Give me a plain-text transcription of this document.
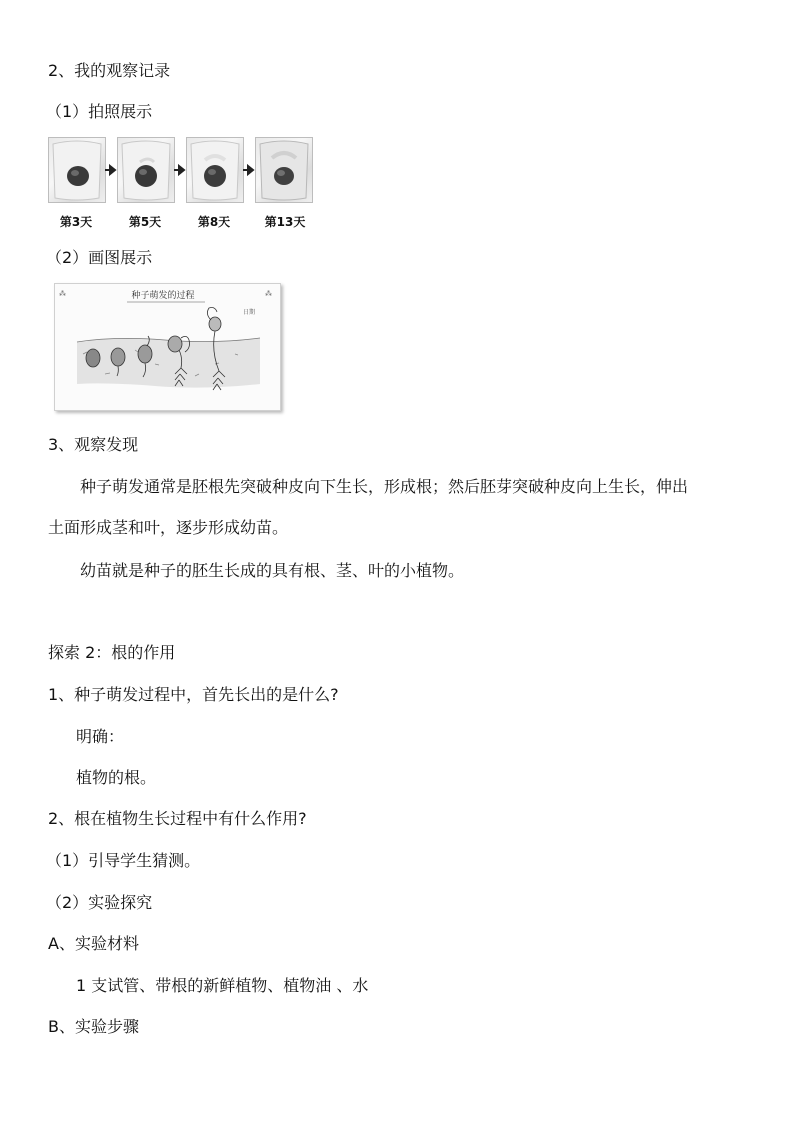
2、我的观察记录
（1）拍照展示
第3天	第5天	第8天	第13天
（2）画图展示
种子萌发的过程
日期
⁂	⁂
3、观察发现
种子萌发通常是胚根先突破种皮向下生长，形成根；然后胚芽突破种皮向上生长，伸出
土面形成茎和叶，逐步形成幼苗。
幼苗就是种子的胚生长成的具有根、茎、叶的小植物。
探索 2：根的作用
1、种子萌发过程中，首先长出的是什么?
明确：
植物的根。
2、根在植物生长过程中有什么作用?
（1）引导学生猜测。
（2）实验探究
A、实验材料
1 支试管、带根的新鲜植物、植物油 、水
B、实验步骤
